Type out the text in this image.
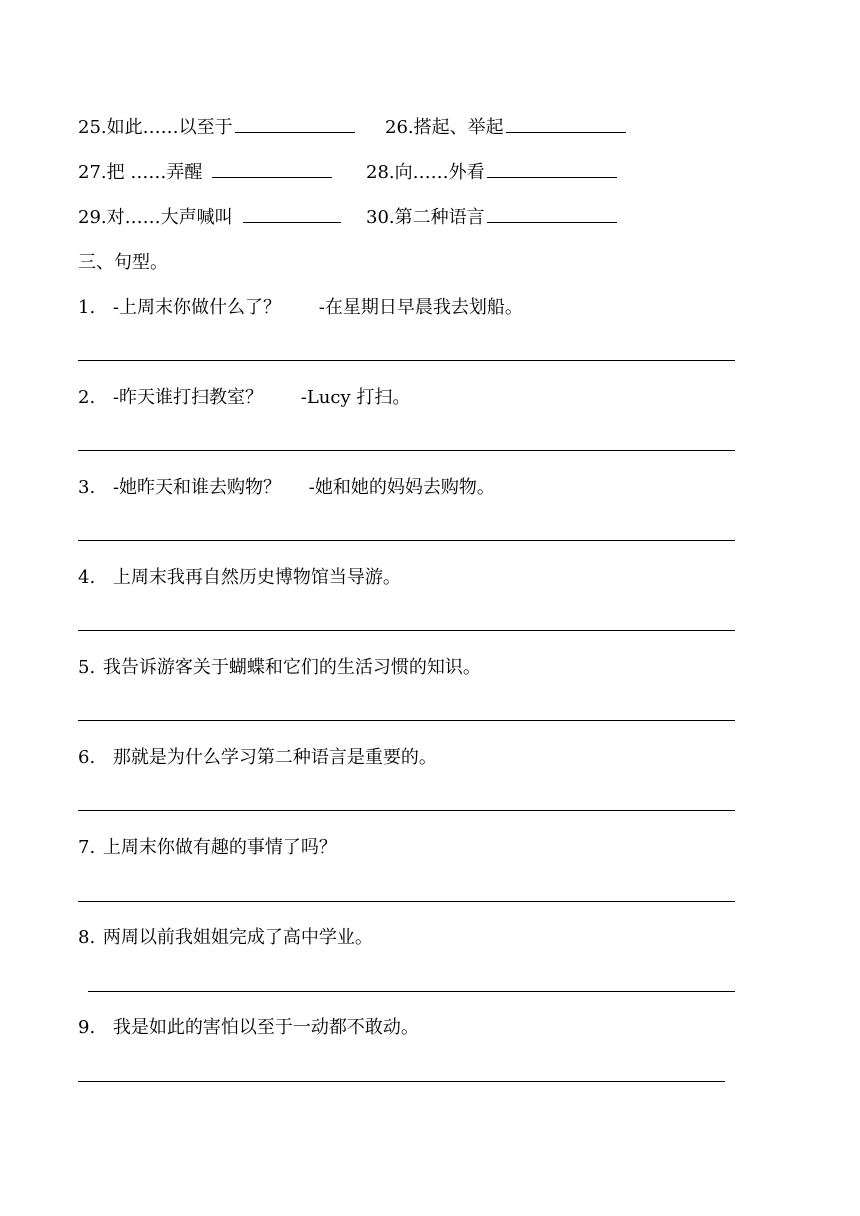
25.如此……以至于	26.搭起、举起
27.把 ……弄醒	28.向……外看
29.对……大声喊叫	30.第二种语言
三、句型。
1. -上周末你做什么了？ -在星期日早晨我去划船。
2. -昨天谁打扫教室？ -Lucy 打扫。
3. -她昨天和谁去购物？ -她和她的妈妈去购物。
4. 上周末我再自然历史博物馆当导游。
5. 我告诉游客关于蝴蝶和它们的生活习惯的知识。
6. 那就是为什么学习第二种语言是重要的。
7. 上周末你做有趣的事情了吗？
8. 两周以前我姐姐完成了高中学业。
9. 我是如此的害怕以至于一动都不敢动。
